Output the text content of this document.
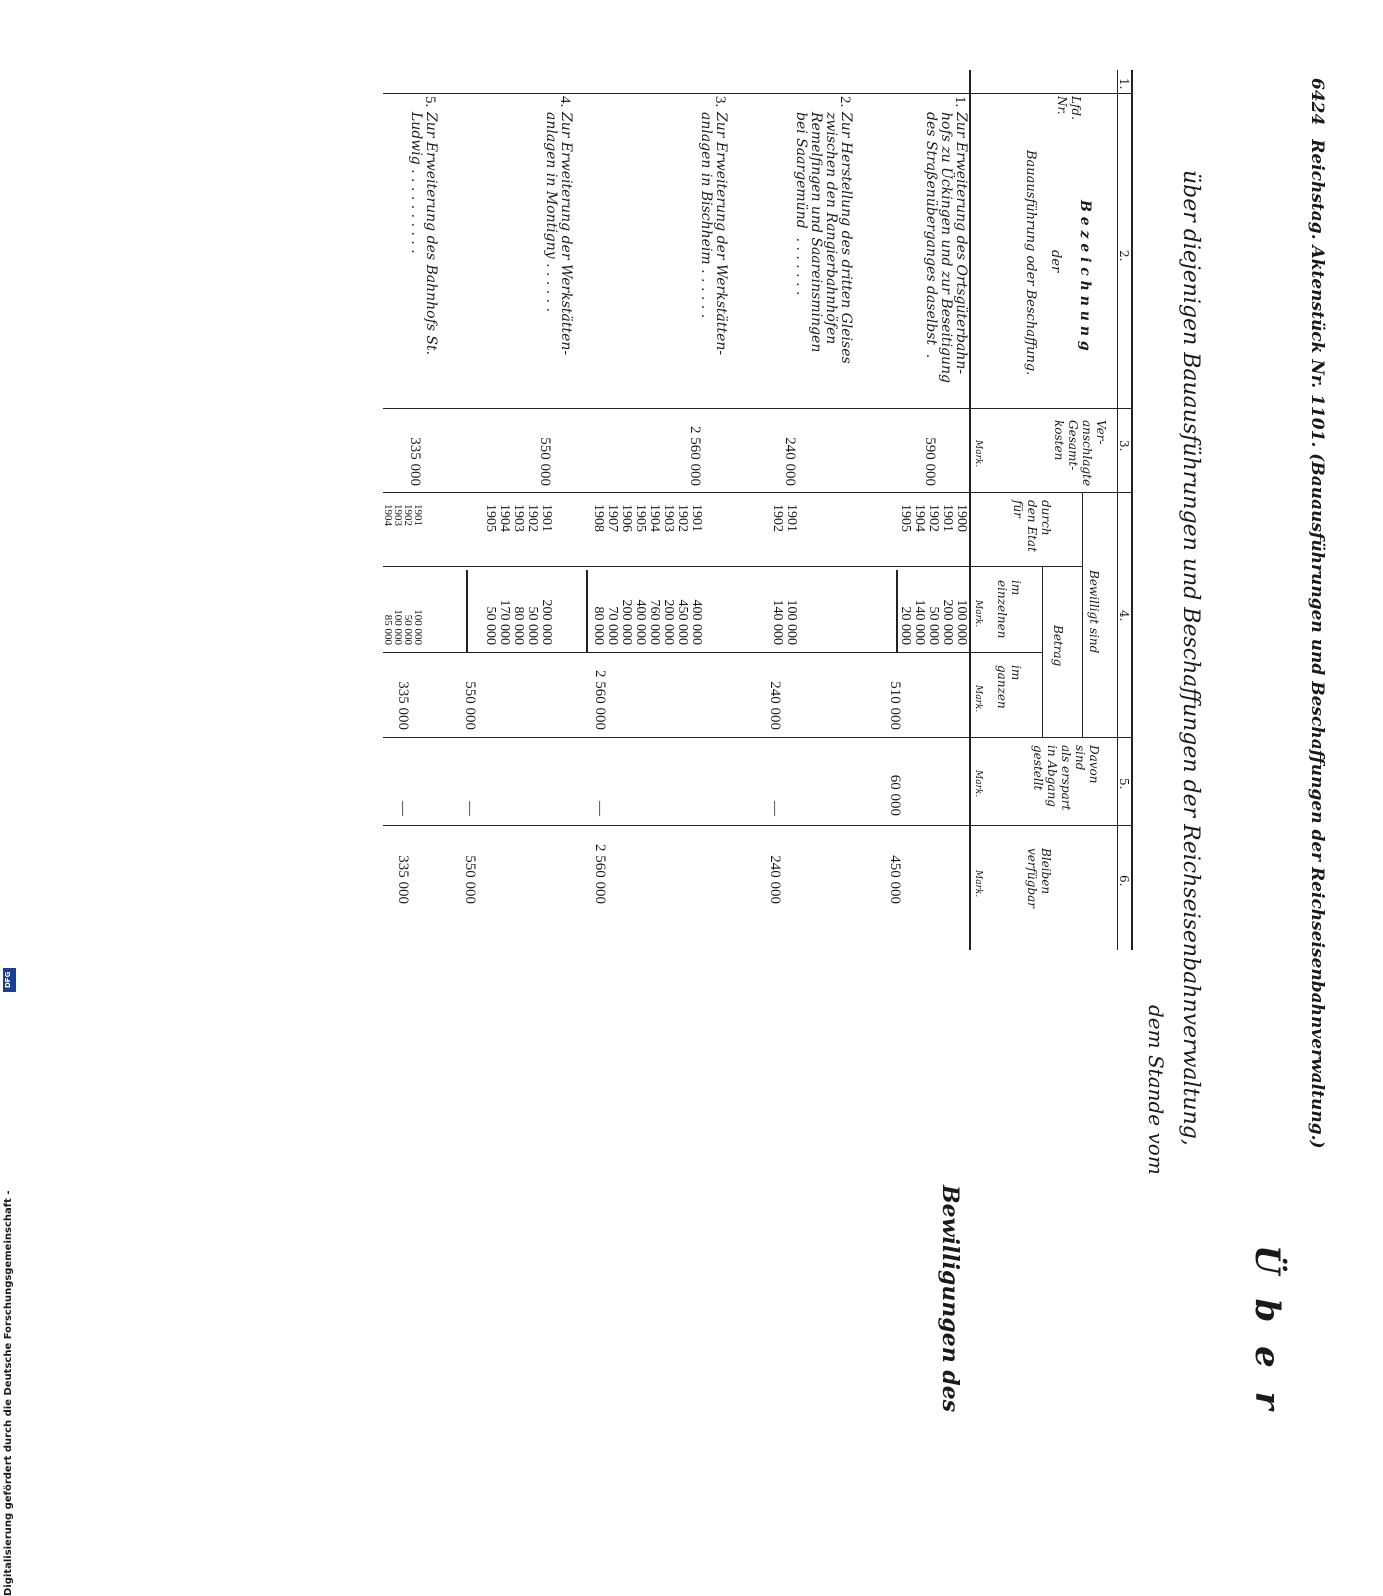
6424 Reichstag. Aktenstück Nr. 1101. (Bauausführungen und Beschaffungen der Reichseisenbahnverwaltung.)
über diejenigen Bauausführungen und Beschaffungen der Reichseisenbahnverwaltung,
dem Stande vom
Ü b e r
Bewilligungen des
1.
2.
3.
4.
5.
6.
Lfd. Nr.
B e z e i c h n u n g
der
Bauausführung oder Beschaffung.
Ver-
anschlagte
Gesamt-
kosten
Bewilligt sind
durch
den Etat
für
Betrag
im
einzelnen
im
ganzen
Davon
sind
als erspart
in Abgang
gestellt
Bleiben
verfügbar
Mark.
Mark.
Mark.
Mark.
Mark.
1.
Zur Erweiterung des Ortsgüterbahn-
hofs zu Ückingen und zur Beseitigung
des Straßenüberganges daselbst  .
590 000
1900
1901
1902
1904
1905
100 000
200 000
50 000
140 000
20 000
510 000
60 000
450 000
2.
Zur Herstellung des dritten Gleises
zwischen den Rangierbahnhöfen
Remelfingen und Saareinsmingen
bei Saargemünd  . . . . . . .
240 000
1901
1902
100 000
140 000
240 000
—
240 000
3.
Zur Erweiterung der Werkstätten-
anlagen in Bischheim . . . . . .
2 560 000
1901
1902
1903
1904
1905
1906
1907
1908
400 000
450 000
200 000
760 000
400 000
200 000
70 000
80 000
2 560 000
—
2 560 000
4.
Zur Erweiterung der Werkstätten-
anlagen in Montigny . . . . . .
550 000
1901
1902
1903
1904
1905
200 000
50 000
80 000
170 000
50 000
550 000
—
550 000
5.
Zur Erweiterung des Bahnhofs St.
Ludwig . . . . . . . . . .
335 000
1901
1902
1903
1904
100 000
50 000
100 000
85 000
335 000
—
335 000
Digitalisierung gefördert durch die Deutsche Forschungsgemeinschaft -
DFG
